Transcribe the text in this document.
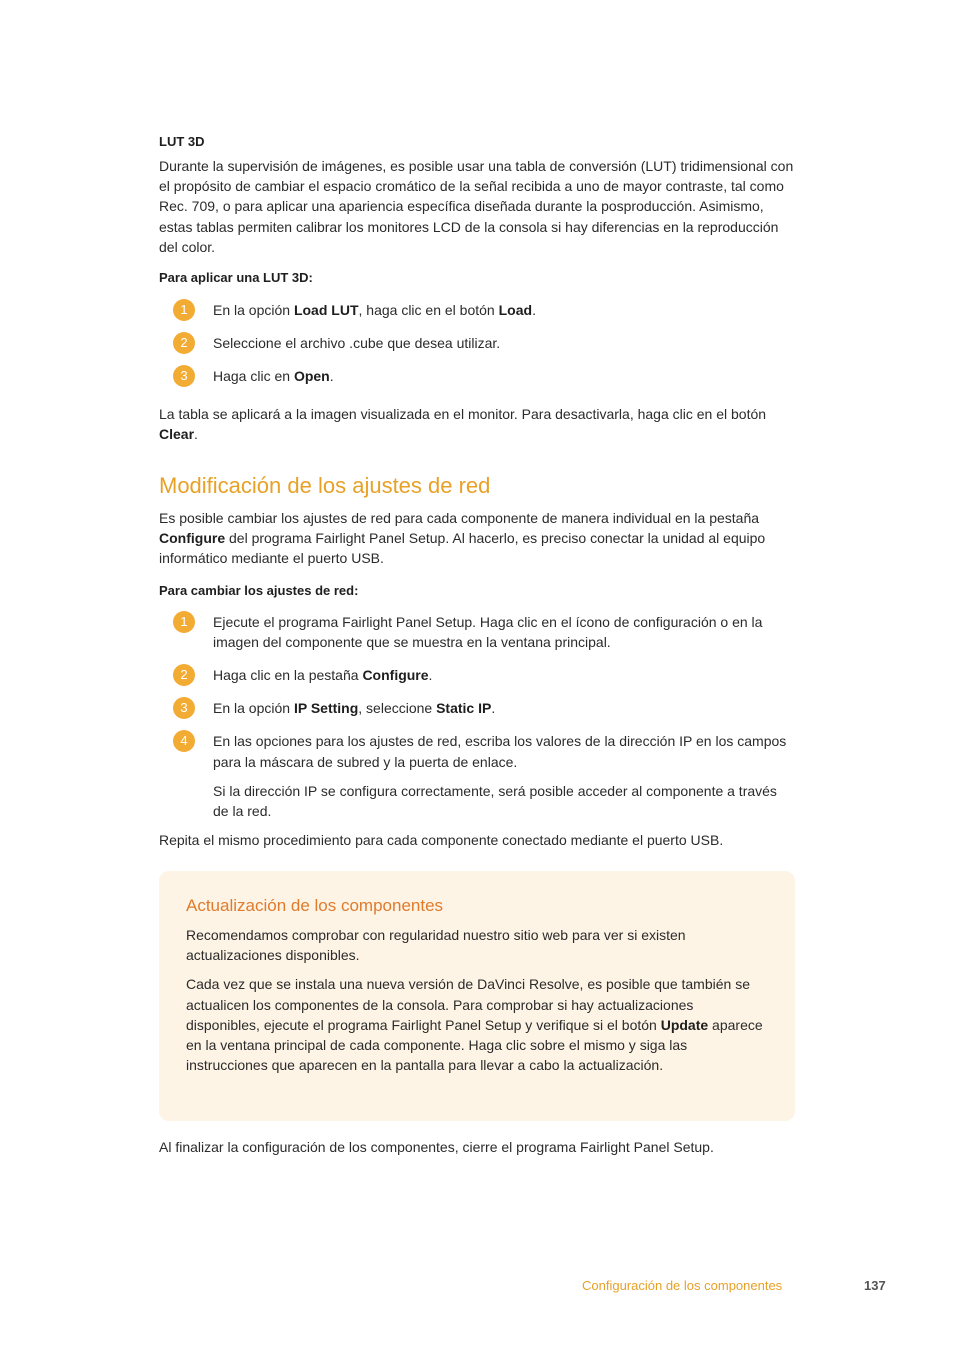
LUT 3D

Durante la supervisión de imágenes, es posible usar una tabla de conversión (LUT) tridimensional con el propósito de cambiar el espacio cromático de la señal recibida a uno de mayor contraste, tal como Rec. 709, o para aplicar una apariencia específica diseñada durante la posproducción. Asimismo, estas tablas permiten calibrar los monitores LCD de la consola si hay diferencias en la reproducción del color.

Para aplicar una LUT 3D:

1	En la opción Load LUT, haga clic en el botón Load.

2	Seleccione el archivo .cube que desea utilizar.

3	Haga clic en Open.

La tabla se aplicará a la imagen visualizada en el monitor. Para desactivarla, haga clic en el botón Clear.

Modificación de los ajustes de red

Es posible cambiar los ajustes de red para cada componente de manera individual en la pestaña Configure del programa Fairlight Panel Setup. Al hacerlo, es preciso conectar la unidad al equipo informático mediante el puerto USB.

Para cambiar los ajustes de red:

1	Ejecute el programa Fairlight Panel Setup. Haga clic en el ícono de configuración o en la imagen del componente que se muestra en la ventana principal.

2	Haga clic en la pestaña Configure.

3	En la opción IP Setting, seleccione Static IP.

4	En las opciones para los ajustes de red, escriba los valores de la dirección IP en los campos para la máscara de subred y la puerta de enlace.

Si la dirección IP se configura correctamente, será posible acceder al componente a través de la red.

Repita el mismo procedimiento para cada componente conectado mediante el puerto USB.

Actualización de los componentes

Recomendamos comprobar con regularidad nuestro sitio web para ver si existen actualizaciones disponibles.

Cada vez que se instala una nueva versión de DaVinci Resolve, es posible que también se actualicen los componentes de la consola. Para comprobar si hay actualizaciones disponibles, ejecute el programa Fairlight Panel Setup y verifique si el botón Update aparece en la ventana principal de cada componente. Haga clic sobre el mismo y siga las instrucciones que aparecen en la pantalla para llevar a cabo la actualización.

Al finalizar la configuración de los componentes, cierre el programa Fairlight Panel Setup.

Configuración de los componentes	137
